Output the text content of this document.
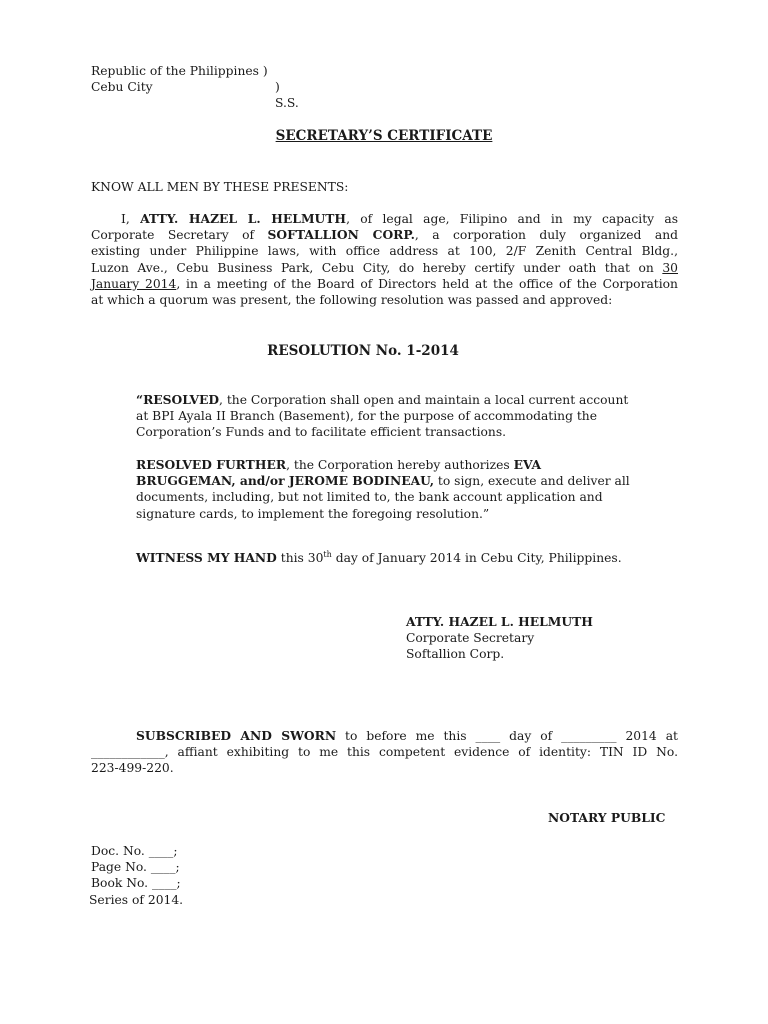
Republic of the Philippines )
Cebu City	) S.S.
SECRETARY’S CERTIFICATE
KNOW ALL MEN BY THESE PRESENTS:
I, ATTY. HAZEL L. HELMUTH, of legal age, Filipino and in my capacity as
Corporate Secretary of SOFTALLION CORP., a corporation duly organized and
existing under Philippine laws, with office address at 100, 2/F Zenith Central Bldg.,
Luzon Ave., Cebu Business Park, Cebu City, do hereby certify under oath that on 30
January 2014, in a meeting of the Board of Directors held at the office of the Corporation
at which a quorum was present, the following resolution was passed and approved:
RESOLUTION No. 1-2014
“RESOLVED, the Corporation shall open and maintain a local current account
at BPI Ayala II Branch (Basement), for the purpose of accommodating the
Corporation’s Funds and to facilitate efficient transactions.
RESOLVED FURTHER, the Corporation hereby authorizes EVA
BRUGGEMAN, and/or JEROME BODINEAU, to sign, execute and deliver all
documents, including, but not limited to, the bank account application and
signature cards, to implement the foregoing resolution.”
WITNESS MY HAND this 30th day of January 2014 in Cebu City, Philippines.
ATTY. HAZEL L. HELMUTH
Corporate Secretary
Softallion Corp.
SUBSCRIBED AND SWORN to before me this ____ day of _________ 2014 at
____________, affiant exhibiting to me this competent evidence of identity: TIN ID No.
223-499-220.
NOTARY PUBLIC
Doc. No. ____;
Page No. ____;
Book No. ____;
Series of 2014.
